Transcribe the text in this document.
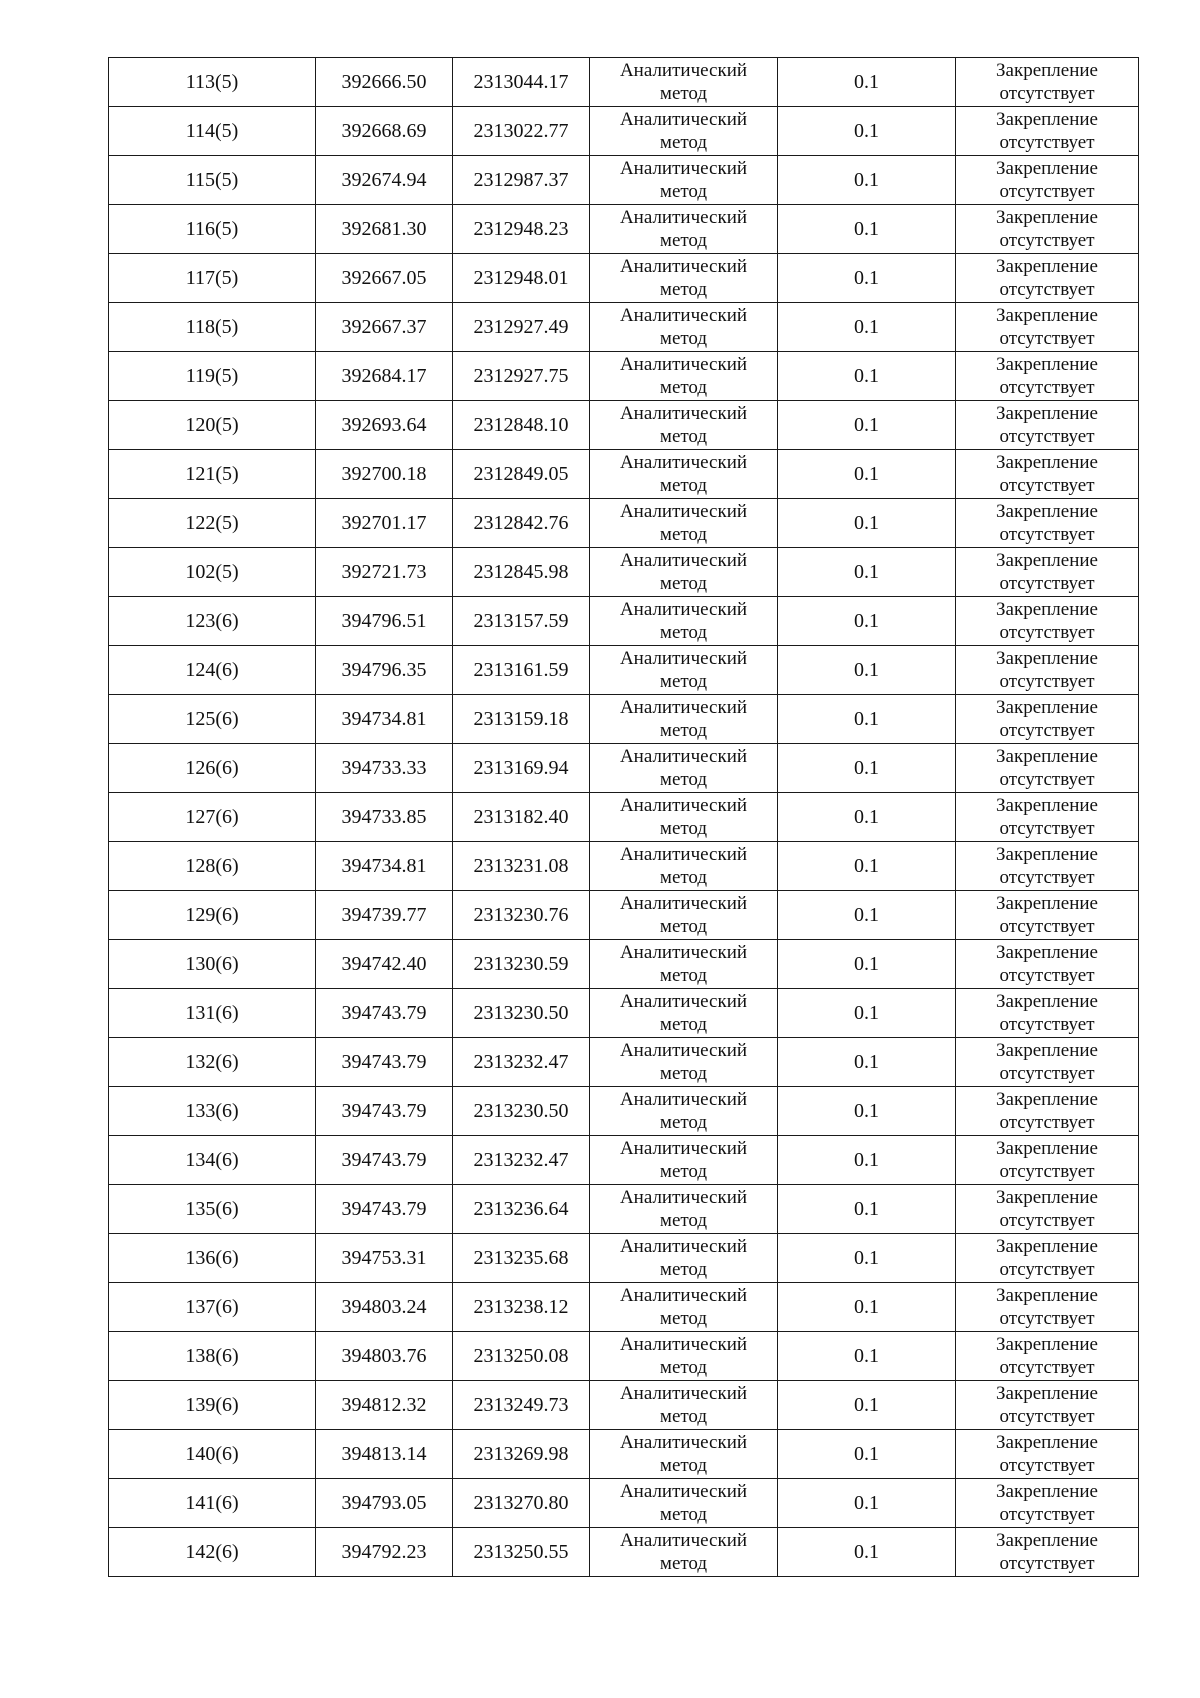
113(5)	392666.50	2313044.17	Аналитический
метод	0.1	Закрепление
отсутствует

114(5)	392668.69	2313022.77	Аналитический
метод	0.1	Закрепление
отсутствует

115(5)	392674.94	2312987.37	Аналитический
метод	0.1	Закрепление
отсутствует

116(5)	392681.30	2312948.23	Аналитический
метод	0.1	Закрепление
отсутствует

117(5)	392667.05	2312948.01	Аналитический
метод	0.1	Закрепление
отсутствует

118(5)	392667.37	2312927.49	Аналитический
метод	0.1	Закрепление
отсутствует

119(5)	392684.17	2312927.75	Аналитический
метод	0.1	Закрепление
отсутствует

120(5)	392693.64	2312848.10	Аналитический
метод	0.1	Закрепление
отсутствует

121(5)	392700.18	2312849.05	Аналитический
метод	0.1	Закрепление
отсутствует

122(5)	392701.17	2312842.76	Аналитический
метод	0.1	Закрепление
отсутствует

102(5)	392721.73	2312845.98	Аналитический
метод	0.1	Закрепление
отсутствует

123(6)	394796.51	2313157.59	Аналитический
метод	0.1	Закрепление
отсутствует

124(6)	394796.35	2313161.59	Аналитический
метод	0.1	Закрепление
отсутствует

125(6)	394734.81	2313159.18	Аналитический
метод	0.1	Закрепление
отсутствует

126(6)	394733.33	2313169.94	Аналитический
метод	0.1	Закрепление
отсутствует

127(6)	394733.85	2313182.40	Аналитический
метод	0.1	Закрепление
отсутствует

128(6)	394734.81	2313231.08	Аналитический
метод	0.1	Закрепление
отсутствует

129(6)	394739.77	2313230.76	Аналитический
метод	0.1	Закрепление
отсутствует

130(6)	394742.40	2313230.59	Аналитический
метод	0.1	Закрепление
отсутствует

131(6)	394743.79	2313230.50	Аналитический
метод	0.1	Закрепление
отсутствует

132(6)	394743.79	2313232.47	Аналитический
метод	0.1	Закрепление
отсутствует

133(6)	394743.79	2313230.50	Аналитический
метод	0.1	Закрепление
отсутствует

134(6)	394743.79	2313232.47	Аналитический
метод	0.1	Закрепление
отсутствует

135(6)	394743.79	2313236.64	Аналитический
метод	0.1	Закрепление
отсутствует

136(6)	394753.31	2313235.68	Аналитический
метод	0.1	Закрепление
отсутствует

137(6)	394803.24	2313238.12	Аналитический
метод	0.1	Закрепление
отсутствует

138(6)	394803.76	2313250.08	Аналитический
метод	0.1	Закрепление
отсутствует

139(6)	394812.32	2313249.73	Аналитический
метод	0.1	Закрепление
отсутствует

140(6)	394813.14	2313269.98	Аналитический
метод	0.1	Закрепление
отсутствует

141(6)	394793.05	2313270.80	Аналитический
метод	0.1	Закрепление
отсутствует

142(6)	394792.23	2313250.55	Аналитический
метод	0.1	Закрепление
отсутствует
